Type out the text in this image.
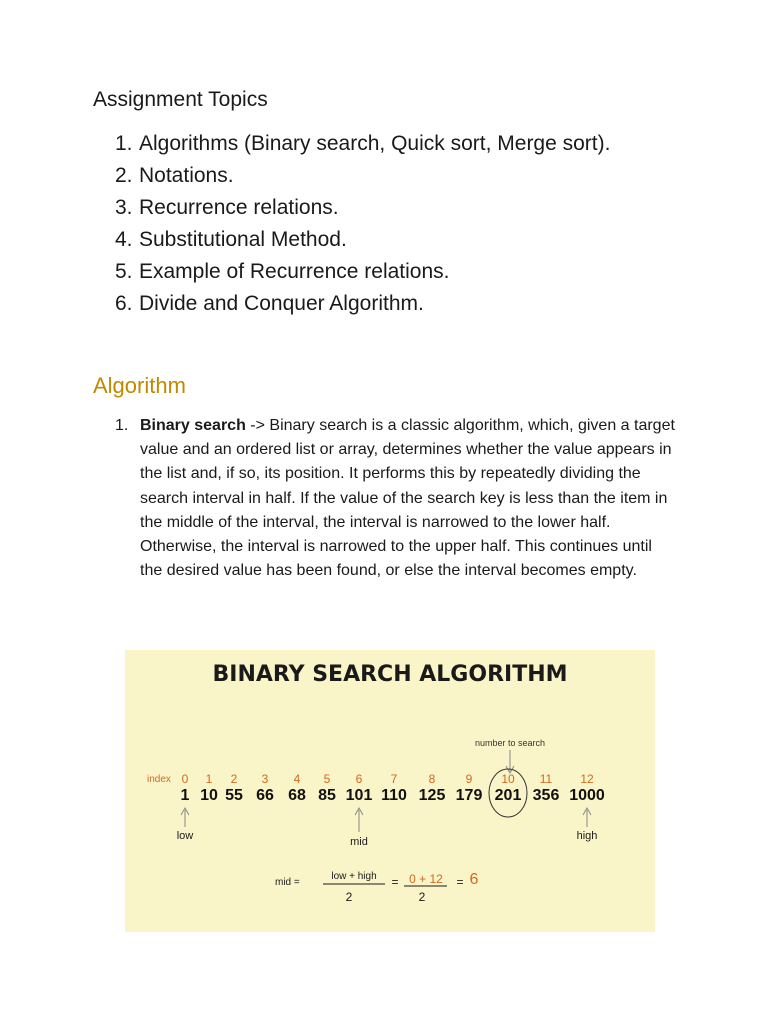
Assignment Topics
1. Algorithms (Binary search, Quick sort, Merge sort).
2. Notations.
3. Recurrence relations.
4. Substitutional Method.
5. Example of Recurrence relations.
6. Divide and Conquer Algorithm.
Algorithm
1. Binary search -> Binary search is a classic algorithm, which, given a target value and an ordered list or array, determines whether the value appears in the list and, if so, its position. It performs this by repeatedly dividing the search interval in half. If the value of the search key is less than the item in the middle of the interval, the interval is narrowed to the lower half. Otherwise, the interval is narrowed to the upper half. This continues until the desired value has been found, or else the interval becomes empty.
BINARY SEARCH ALGORITHM
number to search
index 0 1 2 3 4 5 6 7	8	9 10 11 12
1 10 55 66 68 85 101 110 125 179 201 356 1000
low	mid	high
mid =
low + high
2
= 0 + 12
2
= 6
